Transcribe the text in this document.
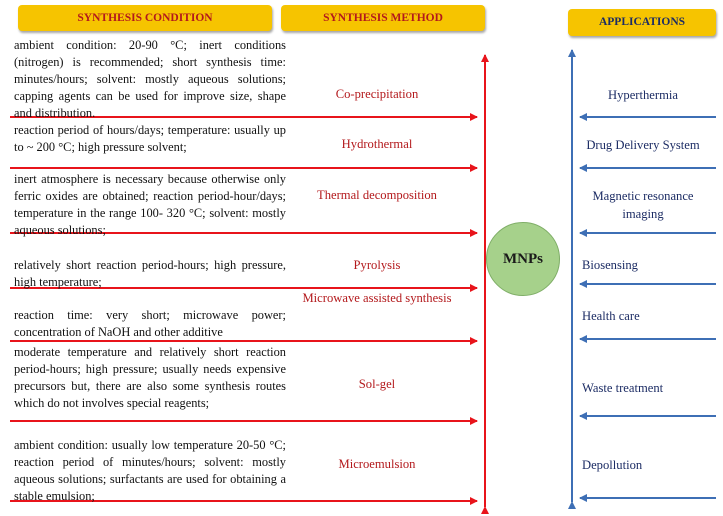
SYNTHESIS CONDITION	SYNTHESIS METHOD	APPLICATIONS
ambient condition: 20-90 °C; inert conditions (nitrogen) is recommended; short synthesis time: minutes/hours; solvent: mostly aqueous solutions; capping agents can be used for improve size, shape and distribution.
reaction period of hours/days; temperature: usually up to ~ 200 °C; high pressure solvent;
inert atmosphere is necessary because otherwise only ferric oxides are obtained; reaction period-hour/days; temperature in the range 100- 320 °C; solvent: mostly aqueous solutions;
relatively short reaction period-hours; high pressure, high temperature;
reaction time: very short; microwave power; concentration of NaOH and other additive
moderate temperature and relatively short reaction period-hours; high pressure; usually needs expensive precursors but, there are also some synthesis routes which do not involves special reagents;
ambient condition: usually low temperature 20-50 °C; reaction period of minutes/hours; solvent: mostly aqueous solutions; surfactants are used for obtaining a stable emulsion;
Co-precipitation
Hydrothermal
Thermal decomposition
Pyrolysis
Microwave assisted synthesis
Sol-gel
Microemulsion
MNPs
Hyperthermia
Drug Delivery System
Magnetic resonance imaging
Biosensing
Health care
Waste treatment
Depollution
